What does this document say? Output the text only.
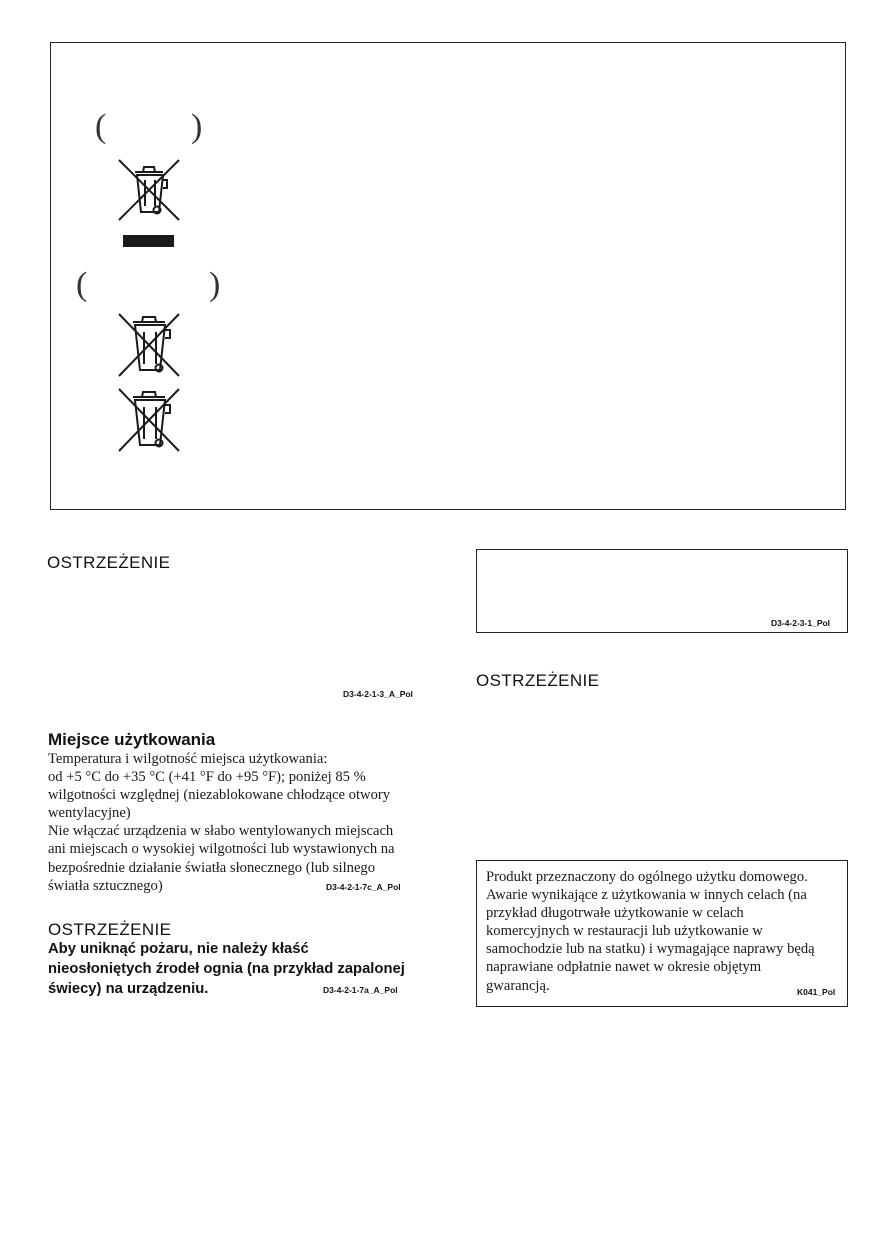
( )
(	)
OSTRZEŻENIE
D3-4-2-1-3_A_Pol
Miejsce użytkowania
Temperatura i wilgotność miejsca użytkowania:
od +5 °C do +35 °C (+41 °F do +95 °F); poniżej 85 %
wilgotności względnej (niezablokowane chłodzące otwory
wentylacyjne)
Nie włączać urządzenia w słabo wentylowanych miejscach
ani miejscach o wysokiej wilgotności lub wystawionych na
bezpośrednie działanie światła słonecznego (lub silnego
światła sztucznego)	D3-4-2-1-7c_A_Pol
OSTRZEŻENIE
Aby uniknąć pożaru, nie należy kłaść
nieosłoniętych źrodeł ognia (na przykład zapalonej
świecy) na urządzeniu.	D3-4-2-1-7a_A_Pol
D3-4-2-3-1_Pol
OSTRZEŻENIE
Produkt przeznaczony do ogólnego użytku domowego.
Awarie wynikające z użytkowania w innych celach (na
przykład długotrwałe użytkowanie w celach
komercyjnych w restauracji lub użytkowanie w
samochodzie lub na statku) i wymagające naprawy będą
naprawiane odpłatnie nawet w okresie objętym
gwarancją.	K041_Pol
